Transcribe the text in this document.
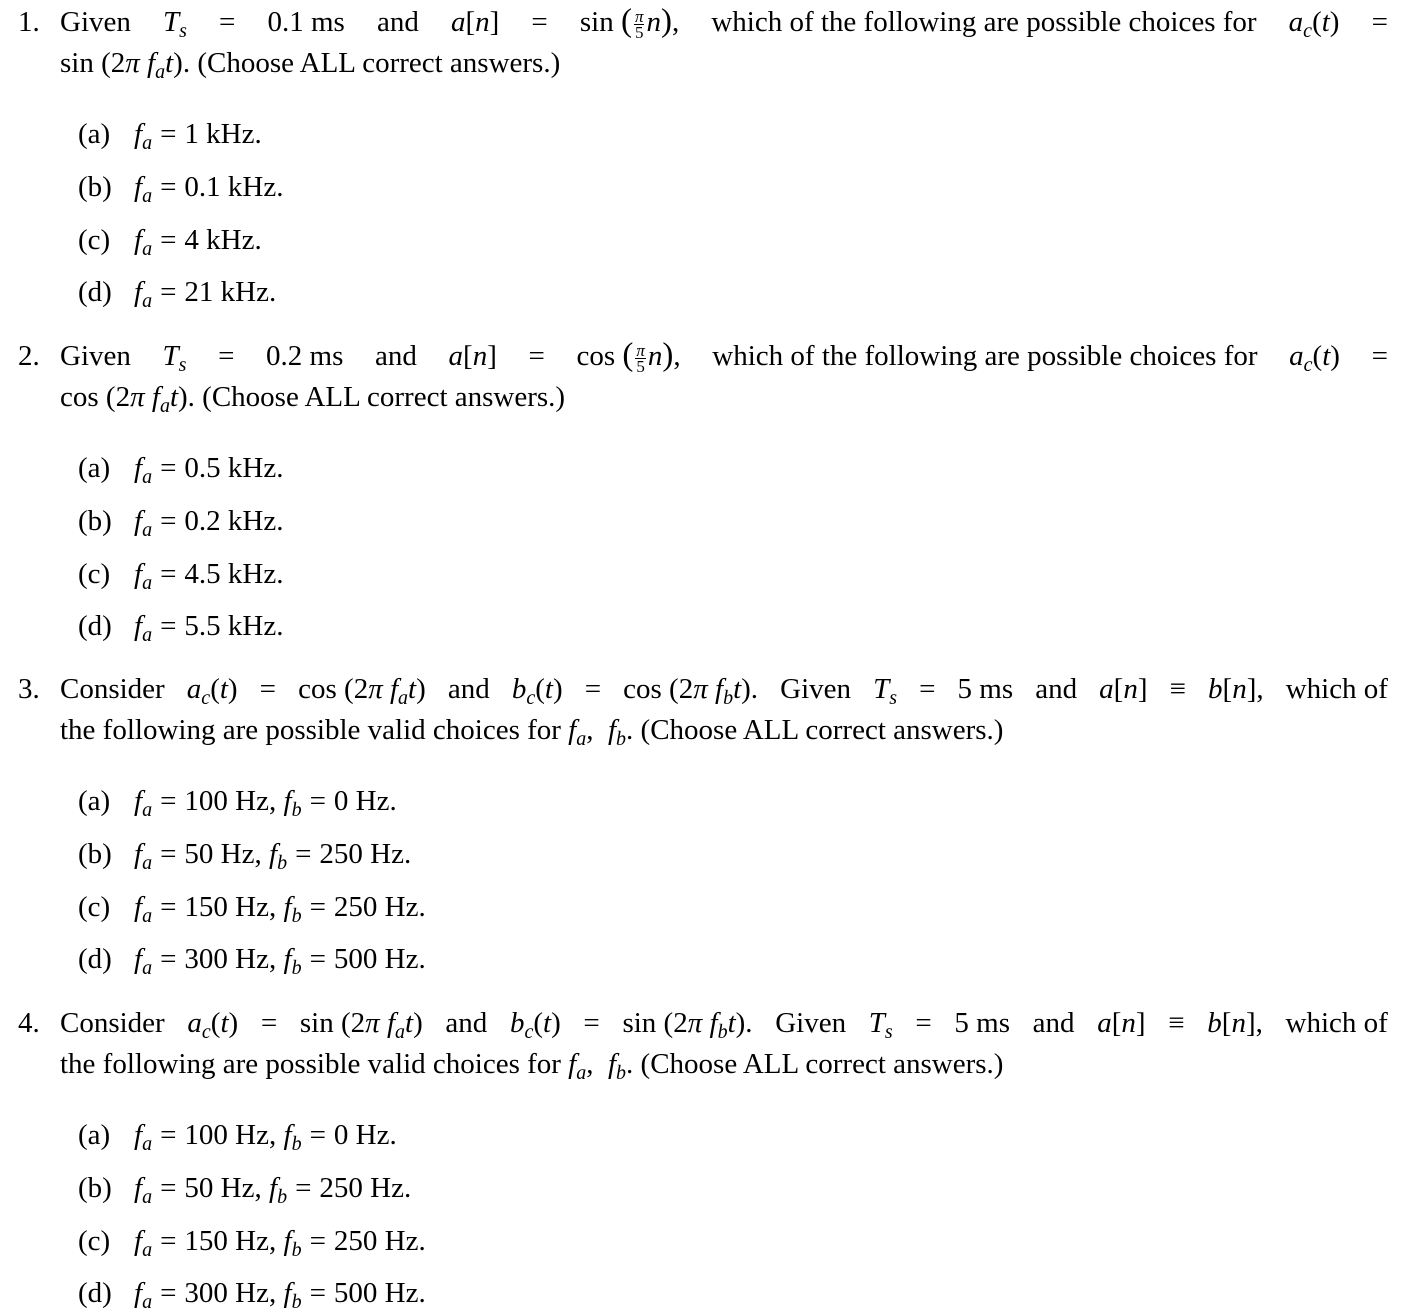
1. Given $T_s = 0.1$ ms and a[n] = sin ( $\frac{\pi}{5} n$), which of the following are possible choices for $a_c(t)$ =
sin (2π $f_at$). (Choose ALL correct answers.)
(a) $f_a = 1$ kHz.
(b) $f_a = 0.1$ kHz.
(c) $f_a = 4$ kHz.
(d) $f_a = 21$ kHz.
2. Given $T_s = 0.2$ ms and a[n] = cos ( $\frac{\pi}{5} n$), which of the following are possible choices for $a_c(t)$ =
cos (2π $f_at$). (Choose ALL correct answers.)
(a) $f_a = 0.5$ kHz.
(b) $f_a = 0.2$ kHz.
(c) $f_a = 4.5$ kHz.
(d) $f_a = 5.5$ kHz.
3. Consider $a_c(t) = \cos (2\pi$ $f_at$) and $b_c(t) = \cos (2\pi$ $f_bt$). Given $T_s = 5$ ms and a[n] ≡ b[n], which of
the following are possible valid choices for $f_a$,  $f_b$. (Choose ALL correct answers.)
(a) $f_a = 100$ Hz, $f_b = 0$ Hz.
(b) $f_a = 50$ Hz, $f_b = 250$ Hz.
(c) $f_a = 150$ Hz, $f_b = 250$ Hz.
(d) $f_a = 300$ Hz, $f_b = 500$ Hz.
4. Consider $a_c(t) = \sin (2\pi$ $f_at$) and $b_c(t) = \sin (2\pi$ $f_bt$). Given $T_s = 5$ ms and a[n] ≡ b[n], which of
the following are possible valid choices for $f_a$,  $f_b$. (Choose ALL correct answers.)
(a) $f_a = 100$ Hz, $f_b = 0$ Hz.
(b) $f_a = 50$ Hz, $f_b = 250$ Hz.
(c) $f_a = 150$ Hz, $f_b = 250$ Hz.
(d) $f_a = 300$ Hz, $f_b = 500$ Hz.
